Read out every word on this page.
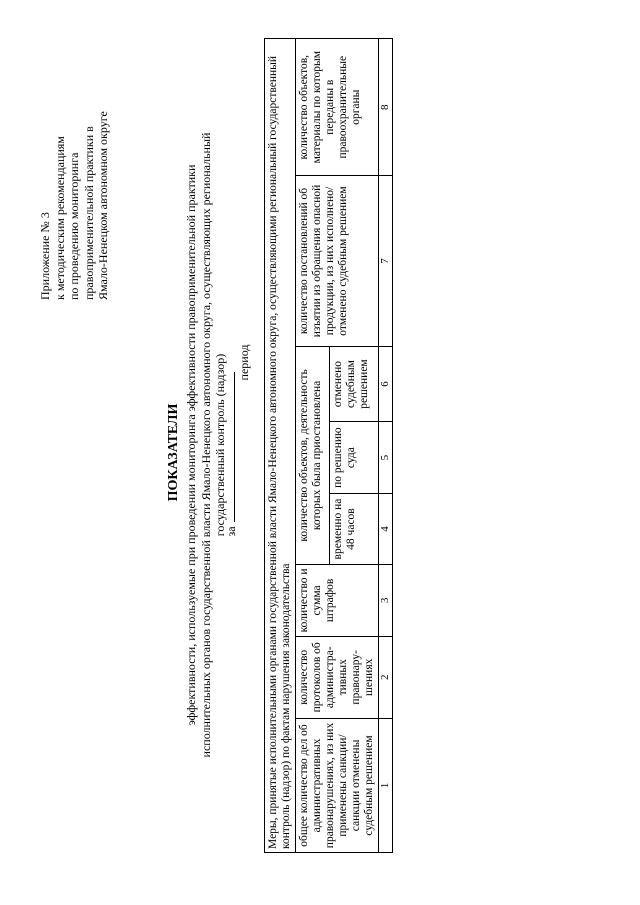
Приложение № 3 к методическим рекомендациям по проведению мониторинга правоприменительной практики в Ямало-Ненецком автономном округе
ПОКАЗАТЕЛИ эффективности, используемые при проведении мониторинга эффективности правоприменительной практики исполнительных органов государственной власти Ямало-Ненецкого автономного округа, осуществляющих региональный государственный контроль (надзор)
за
период Меры, принятые исполнительными органами государственной власти Ямало-Ненецкого автономного округа, осуществляющими региональный государственный контроль (надзор) по фактам нарушения законодательства							
общее количество дел об административных правонарушениях, из них применены санкции/ санкции отменены судебным решением	количество протоколов об администра-тивных правонару-шениях	количество и сумма штрафов	количество объектов, деятельность которых была приостановлена			количество постановлений об изъятии из обращения опасной продукции, из них исполнено/отменено судебным решением	количество объектов, материалы по которым переданы в правоохранительные органы
			временно на 48 часов	по решению суда	отменено судебным решением		
1	2	3	4	5	6	7	8
